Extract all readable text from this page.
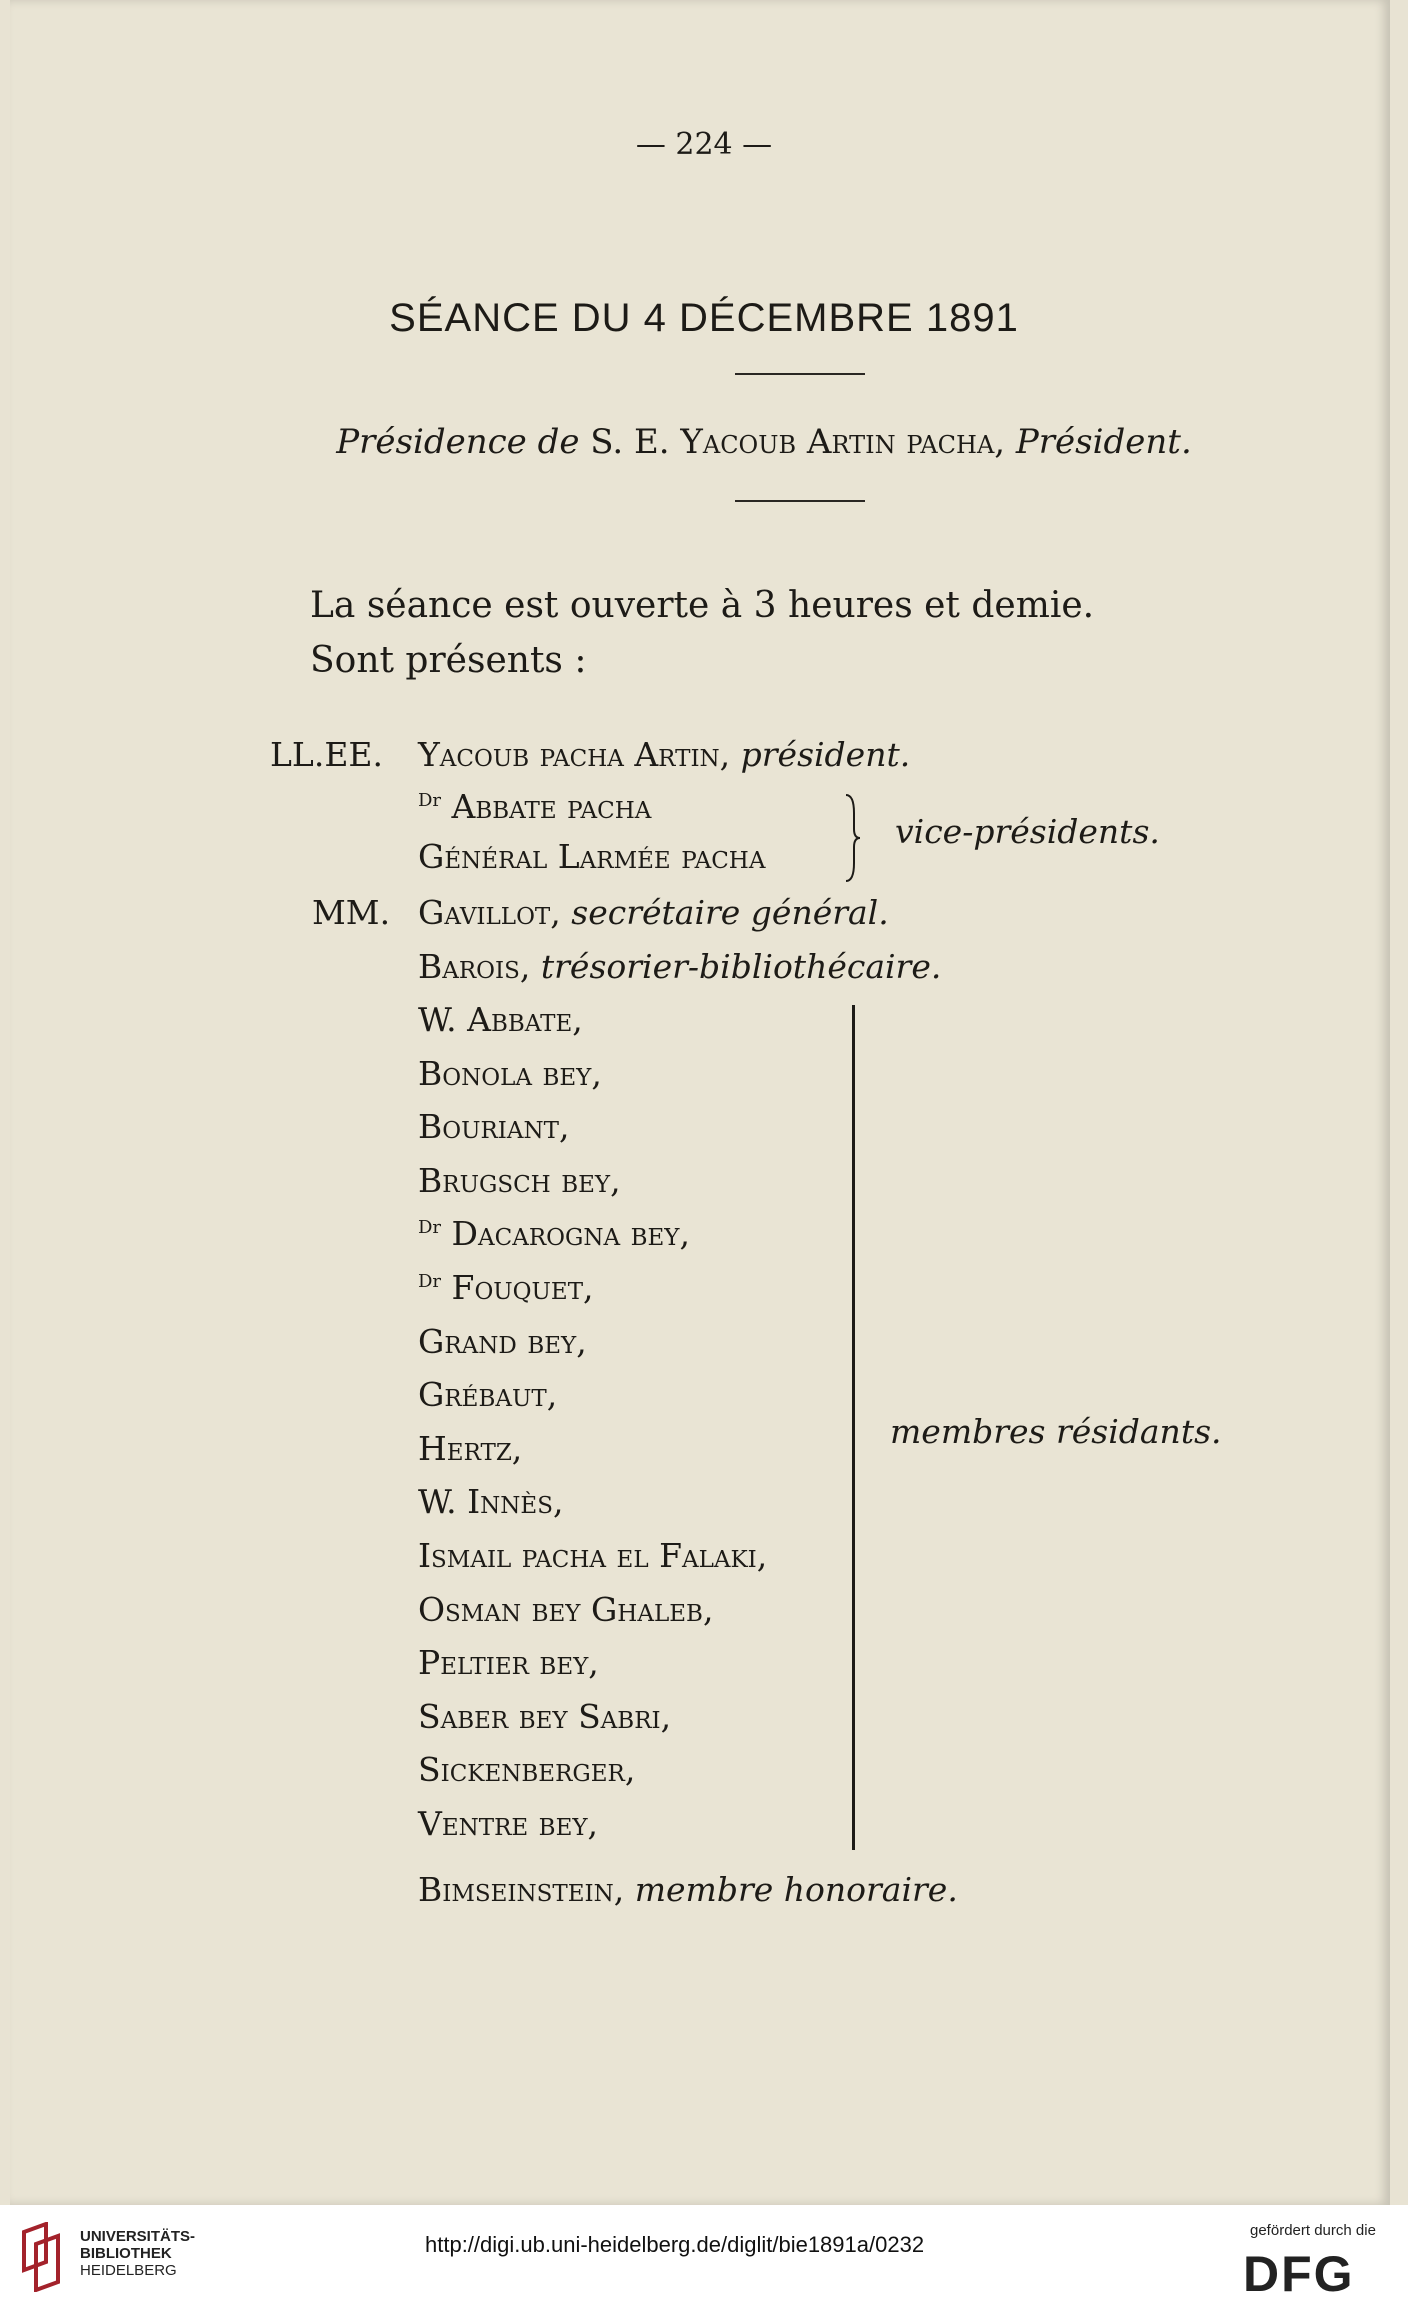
— 224 —
SÉANCE DU 4 DÉCEMBRE 1891
Présidence de S. E. Yacoub Artin pacha, Président.
La séance est ouverte à 3 heures et demie.
Sont présents :
LL.EE. Yacoub pacha Artin, président.
$^{Dr}$ Abbate pacha
Général Larmée pacha
vice-présidents.
MM. Gavillot, secrétaire général.
Barois, trésorier-bibliothécaire.
W. Abbate,
Bonola bey,
Bouriant,
Brugsch bey,
$^{Dr}$ Dacarogna bey,
$^{Dr}$ Fouquet,
Grand bey,
Grébaut,
Hertz,
W. Innès,
Ismail pacha el Falaki,
Osman bey Ghaleb,
Peltier bey,
Saber bey Sabri,
Sickenberger,
Ventre bey,
membres résidants.
Bimseinstein, membre honoraire.
UNIVERSITÄTS-
BIBLIOTHEK
HEIDELBERG
http://digi.ub.uni-heidelberg.de/diglit/bie1891a/0232
gefördert durch die
DFG
